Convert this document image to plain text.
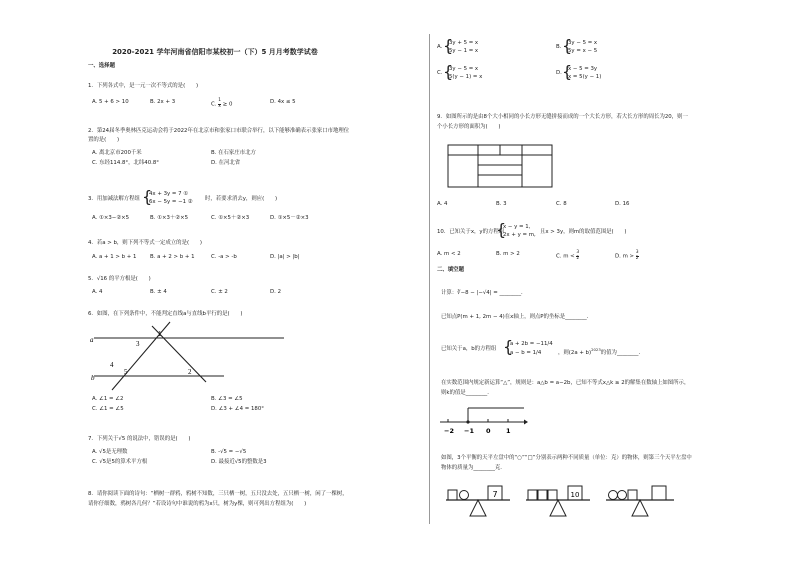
2020-2021 学年河南省信阳市某校初一（下）5 月月考数学试卷
一、选择题
1．下列各式中，是一元一次不等式的是(　　)
A. 5 + 6 > 10	B. 2x + 3	C. $\frac{1}{x} \ge 0$	D. 4x ≤ 5
2．第24届冬季奥林匹克运动会将于2022年在北京市和张家口市联合举行，以下能够准确表示张家口市地理位
置的是(　　)
A. 离北京市200千米	B. 在石家庄市北方
C. 东经114.8°，北纬40.8°	D. 在河北省
3．用加减法解方程组 {
4x + 3y = 7 ①
6x − 5y = −1 ② 时，若要求消去y，则应(　　)
A. ①×3−②×5	B. ①×3＋②×5	C. ①×5＋②×3	D. ①×5－②×3
4．若a > b，则下列不等式一定成立的是(　　)
A. a + 1 > b + 1	B. a + 2 > b + 1	C. -a > -b	D. |a| > |b|
5．√16 的平方根是(　　)
A. 4	B. ± 4	C. ± 2	D. 2
6．如图，在下列条件中，不能判定直线a与直线b平行的是(　　)
a
b
1
3
4
5	2
A. ∠1 = ∠2	B. ∠3 = ∠5
C. ∠1 = ∠5	D. ∠3 + ∠4 = 180°
7．下列关于√5 的说法中，错误的是(　　)
A. √5是无理数	B. -√5 = −√5
C. √5是5的算术平方根	D. 最接近√5的整数是3
8．请你阅读下面的诗句：“栖树一群鸦，鸦树不知数，三只栖一树，五只没去处，五只栖一树，闲了一棵树，
请你仔细数，鸦树各几何？”若设诗句中谁说的鸦为x只，树为y棵，则可列出方程组为(　　)
A. {
3y + 5 = x
5y − 1 = x
B. {
3y − 5 = x
5y = x − 5
C. {
3y − 5 = x
5(y − 1) = x
D. {
x − 5 = 3y
x = 5(y − 1)
9．如图所示的是由8个大小相同的小长方形无缝拼接而成的一个大长方形，若大长方形的周长为20，则一
个小长方形的面积为(　　)
A. 4	B. 3	C. 8	D. 16
10．已知关于x，y的方程组
{
x − y = 1,
2x + y = m, 且x > 3y，则m的取值范围是(　　)
A. m < 2	B. m > 2	C. $m < \frac{3}{2}$	D. $m > \frac{3}{2}$
二、填空题
计算：∛−8 − |−√4| = ________．
已知点P(m + 1, 2m − 4)在x轴上，则点P的坐标是________．
已知关于a，b的方程组 {
a + 2b = −11/4
a − b = 1/4	，则$(2a + b)^{2023}$的值为________．
在实数范围内规定新运算“△”，规则是：a△b = a−2b，已知不等式x△k ≥ 2的解集在数轴上如图所示，
则k的值是________．
−2 −1 0 1
如图，3个平衡的天平左盘中的“○”“□”分别表示两种不同质量（单位：克）的物体，则第三个天平左盘中
物体的质量为________克．
7	10
